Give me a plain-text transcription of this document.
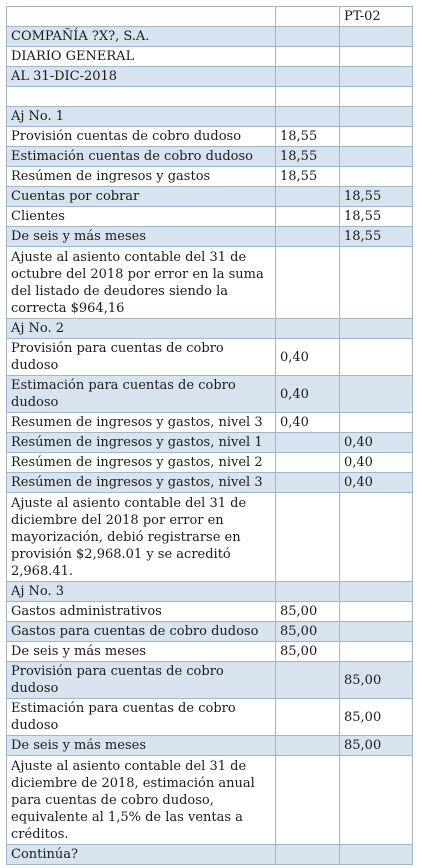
		PT-02
COMPAÑÍA ?X?, S.A.		
DIARIO GENERAL		
AL 31-DIC-2018		

Aj No. 1		
Provisión cuentas de cobro dudoso	18,55	
Estimación cuentas de cobro dudoso	18,55	
Resúmen de ingresos y gastos	18,55	
Cuentas por cobrar		18,55
Clientes		18,55
De seis y más meses		18,55
Ajuste al asiento contable del 31 de octubre del 2018 por error en la suma del listado de deudores siendo la correcta $964,16		
Aj No. 2		
Provisión para cuentas de cobro dudoso	0,40	
Estimación para cuentas de cobro dudoso	0,40	
Resumen de ingresos y gastos, nivel 3	0,40	
Resúmen de ingresos y gastos, nivel 1		0,40
Resúmen de ingresos y gastos, nivel 2		0,40
Resúmen de ingresos y gastos, nivel 3		0,40
Ajuste al asiento contable del 31 de diciembre del 2018 por error en mayorización, debió registrarse en provisión $2,968.01 y se acreditó 2,968.41.		
Aj No. 3		
Gastos administrativos	85,00	
Gastos para cuentas de cobro dudoso	85,00	
De seis y más meses	85,00	
Provisión para cuentas de cobro dudoso		85,00
Estimación para cuentas de cobro dudoso		85,00
De seis y más meses		85,00
Ajuste al asiento contable del 31 de diciembre de 2018, estimación anual para cuentas de cobro dudoso, equivalente al 1,5% de las ventas a créditos.		
Continúa?		
